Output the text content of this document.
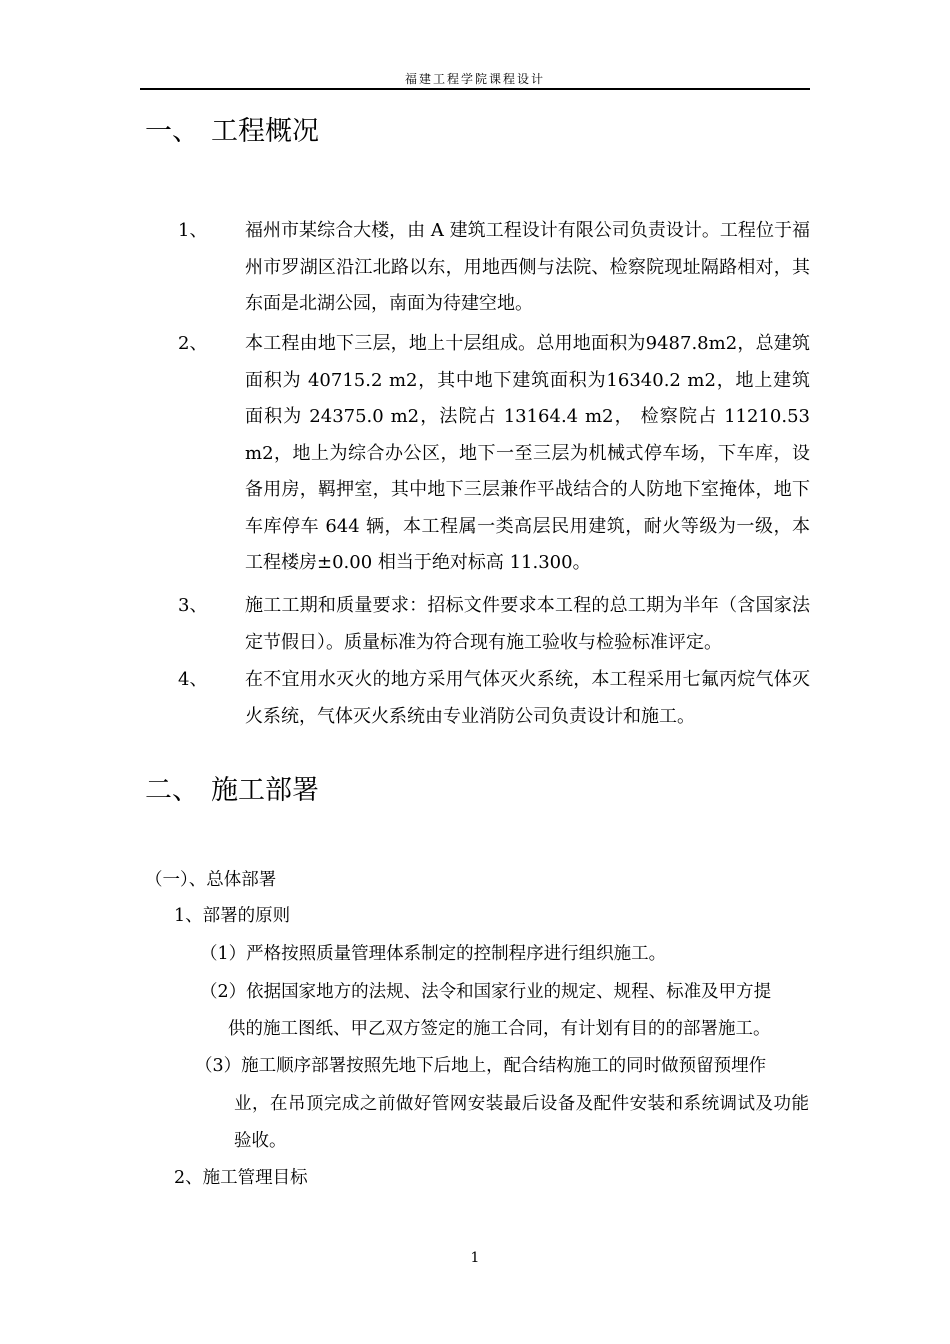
福建工程学院课程设计
一、 工程概况
1、 福州市某综合大楼，由 A 建筑工程设计有限公司负责设计。工程位于福州市罗湖区沿江北路以东，用地西侧与法院、检察院现址隔路相对，其东面是北湖公园，南面为待建空地。
2、 本工程由地下三层，地上十层组成。总用地面积为9487.8m2，总建筑面积为 40715.2 m2，其中地下建筑面积为16340.2 m2，地上建筑面积为 24375.0 m2，法院占 13164.4 m2， 检察院占 11210.53 m2，地上为综合办公区，地下一至三层为机械式停车场，下车库，设备用房，羁押室，其中地下三层兼作平战结合的人防地下室掩体，地下车库停车 644 辆，本工程属一类高层民用建筑，耐火等级为一级，本工程楼房±0.00 相当于绝对标高 11.300。
3、 施工工期和质量要求：招标文件要求本工程的总工期为半年（含国家法定节假日）。质量标准为符合现有施工验收与检验标准评定。
4、 在不宜用水灭火的地方采用气体灭火系统，本工程采用七氟丙烷气体灭火系统，气体灭火系统由专业消防公司负责设计和施工。
二、 施工部署
（一）、总体部署
1、部署的原则
（1）严格按照质量管理体系制定的控制程序进行组织施工。
（2）依据国家地方的法规、法令和国家行业的规定、规程、标准及甲方提
供的施工图纸、甲乙双方签定的施工合同，有计划有目的的部署施工。
（3）施工顺序部署按照先地下后地上，配合结构施工的同时做预留预埋作
业，在吊顶完成之前做好管网安装最后设备及配件安装和系统调试及功能验收。
2、施工管理目标
1
